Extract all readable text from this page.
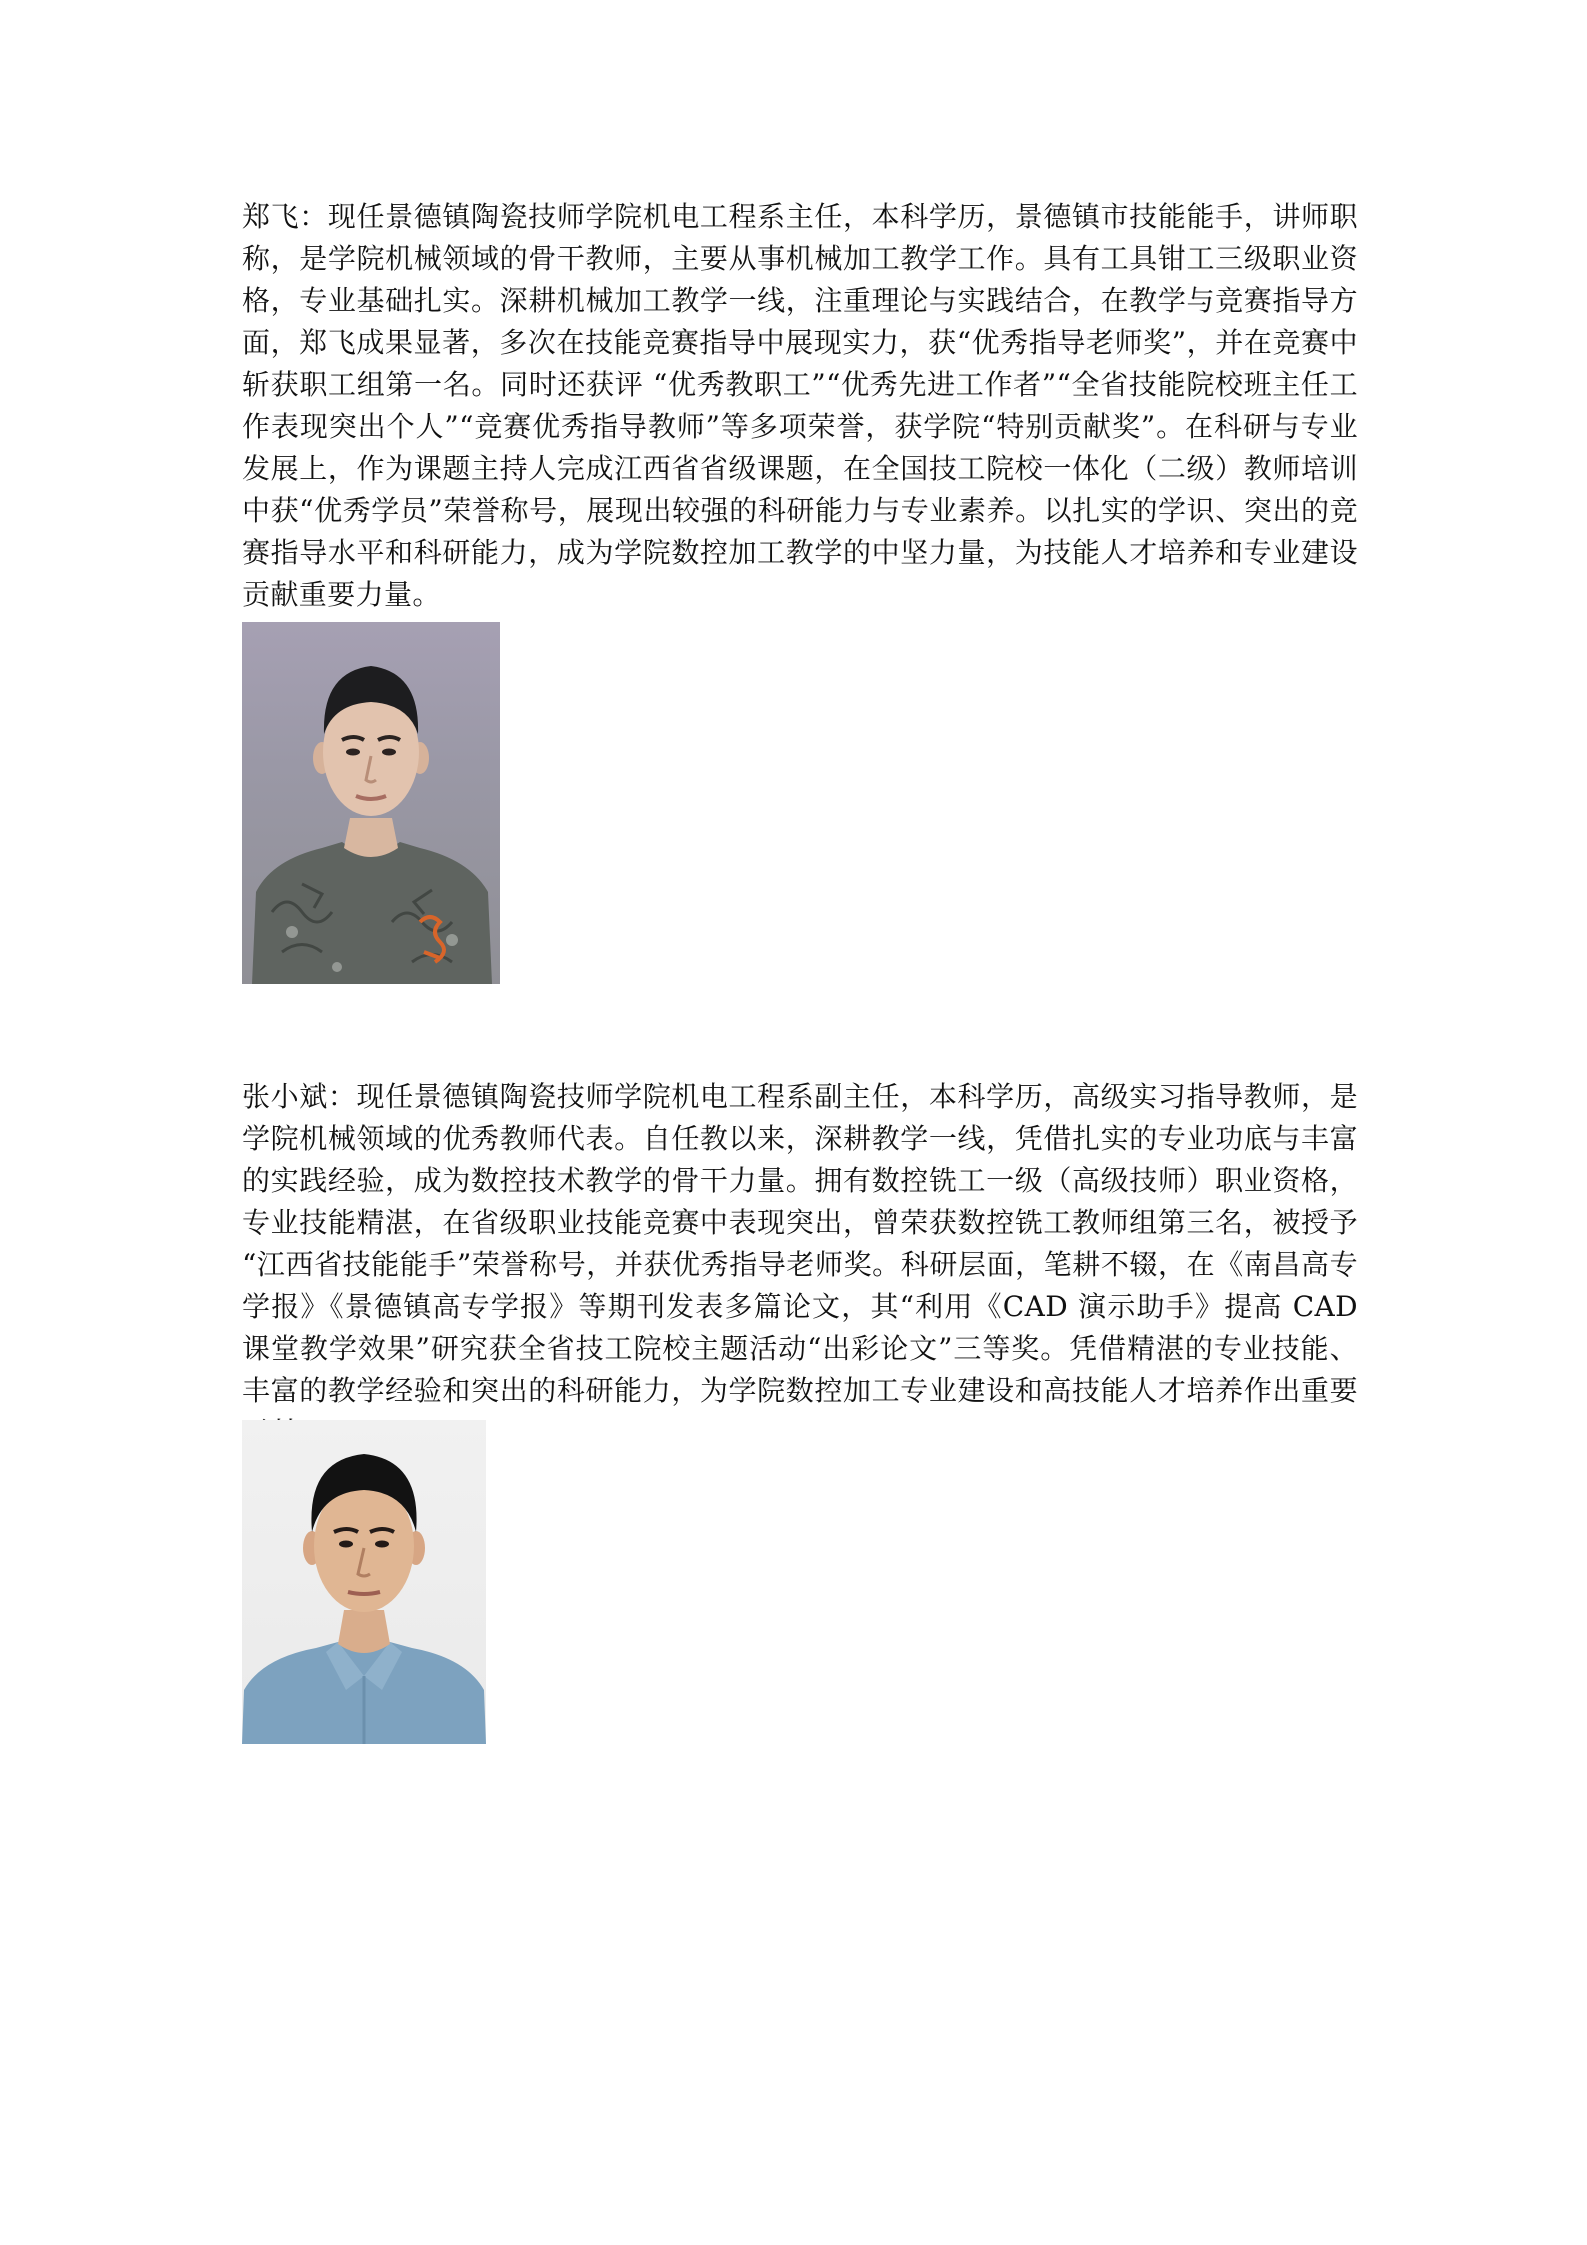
郑飞：现任景德镇陶瓷技师学院机电工程系主任，本科学历，景德镇市技能能手，讲师职称，是学院机械领域的骨干教师，主要从事机械加工教学工作。具有工具钳工三级职业资格，专业基础扎实。深耕机械加工教学一线，注重理论与实践结合，在教学与竞赛指导方面，郑飞成果显著，多次在技能竞赛指导中展现实力，获“优秀指导老师奖”，并在竞赛中斩获职工组第一名。同时还获评 “优秀教职工”“优秀先进工作者”“全省技能院校班主任工作表现突出个人”“竞赛优秀指导教师”等多项荣誉，获学院“特别贡献奖”。在科研与专业发展上，作为课题主持人完成江西省省级课题，在全国技工院校一体化（二级）教师培训中获“优秀学员”荣誉称号，展现出较强的科研能力与专业素养。以扎实的学识、突出的竞赛指导水平和科研能力，成为学院数控加工教学的中坚力量，为技能人才培养和专业建设贡献重要力量。

张小斌：现任景德镇陶瓷技师学院机电工程系副主任，本科学历，高级实习指导教师，是学院机械领域的优秀教师代表。自任教以来，深耕教学一线，凭借扎实的专业功底与丰富的实践经验，成为数控技术教学的骨干力量。拥有数控铣工一级（高级技师）职业资格，专业技能精湛，在省级职业技能竞赛中表现突出，曾荣获数控铣工教师组第三名，被授予 “江西省技能能手”荣誉称号，并获优秀指导老师奖。科研层面，笔耕不辍，在《南昌高专学报》《景德镇高专学报》等期刊发表多篇论文，其“利用《CAD 演示助手》提高 CAD 课堂教学效果”研究获全省技工院校主题活动“出彩论文”三等奖。凭借精湛的专业技能、丰富的教学经验和突出的科研能力，为学院数控加工专业建设和高技能人才培养作出重要
